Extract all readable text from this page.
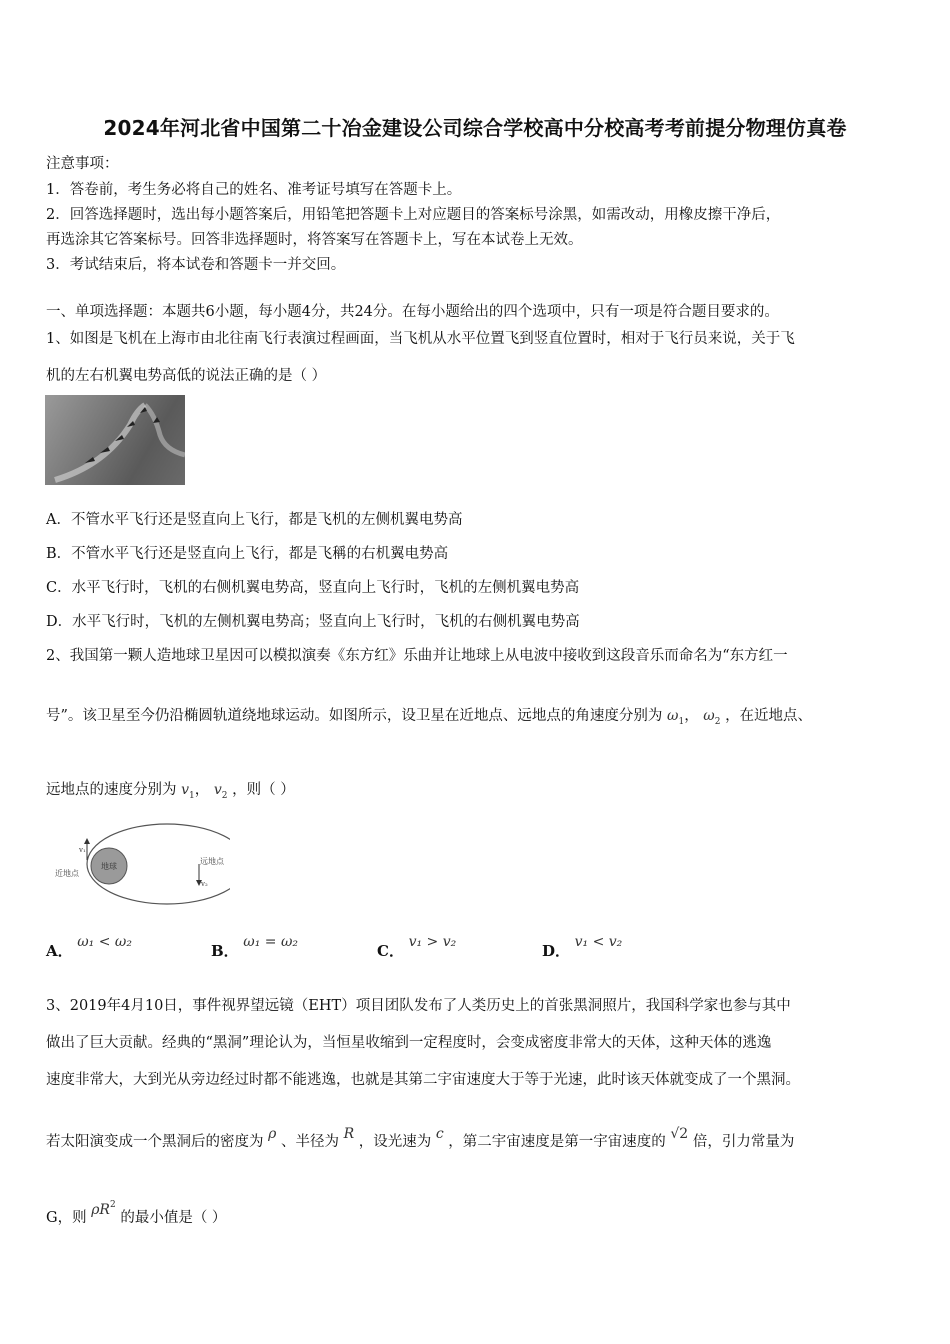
2024年河北省中国第二十冶金建设公司综合学校高中分校高考考前提分物理仿真卷
注意事项：
1．答卷前，考生务必将自己的姓名、准考证号填写在答题卡上。
2．回答选择题时，选出每小题答案后，用铅笔把答题卡上对应题目的答案标号涂黑，如需改动，用橡皮擦干净后，
再选涂其它答案标号。回答非选择题时，将答案写在答题卡上，写在本试卷上无效。
3．考试结束后，将本试卷和答题卡一并交回。
一、单项选择题：本题共6小题，每小题4分，共24分。在每小题给出的四个选项中，只有一项是符合题目要求的。
1、如图是飞机在上海市由北往南飞行表演过程画面，当飞机从水平位置飞到竖直位置时，相对于飞行员来说，关于飞
机的左右机翼电势高低的说法正确的是（ ）
A．不管水平飞行还是竖直向上飞行，都是飞机的左侧机翼电势高
B．不管水平飞行还是竖直向上飞行，都是飞稱的右机翼电势高
C．水平飞行时，飞机的右侧机翼电势高，竖直向上飞行时，飞机的左侧机翼电势高
D．水平飞行时，飞机的左侧机翼电势高；竖直向上飞行时，飞机的右侧机翼电势高
2、我国第一颗人造地球卫星因可以模拟演奏《东方红》乐曲并让地球上从电波中接收到这段音乐而命名为“东方红一
号”。该卫星至今仍沿椭圆轨道绕地球运动。如图所示，设卫星在近地点、远地点的角速度分别为 $\omega_1$， $\omega_2$ ，在近地点、
远地点的速度分别为 $v_1$， $v_2$ ，则（ ）
地球
近地点
远地点
v₁
v₂
A． ω₁ < ω₂	B． ω₁ = ω₂	C． v₁ > v₂	D． v₁ < v₂
3、2019年4月10日，事件视界望远镜（EHT）项目团队发布了人类历史上的首张黑洞照片，我国科学家也参与其中
做出了巨大贡献。经典的“黑洞”理论认为，当恒星收缩到一定程度时，会变成密度非常大的天体，这种天体的逃逸
速度非常大，大到光从旁边经过时都不能逃逸，也就是其第二宇宙速度大于等于光速，此时该天体就变成了一个黑洞。
若太阳演变成一个黑洞后的密度为 ρ 、半径为 R ，设光速为 c ，第二宇宙速度是第一宇宙速度的 √2 倍，引力常量为
G，则 $\rho R^2$ 的最小值是（ ）
